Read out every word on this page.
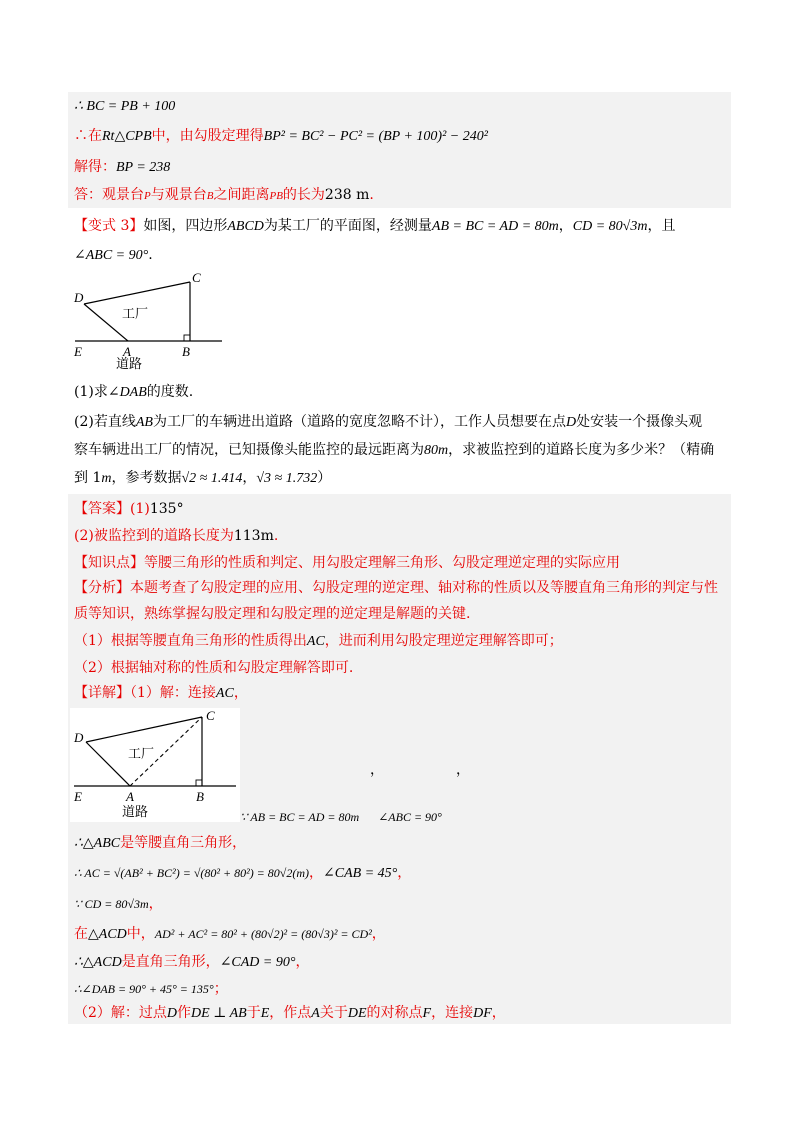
∴ BC = PB + 100
∴在Rt△CPB中，由勾股定理得BP² = BC² − PC² = (BP + 100)² − 240²
解得：BP = 238
答：观景台P与观景台B之间距离PB的长为238 m.
【变式 3】如图，四边形ABCD为某工厂的平面图，经测量AB = BC = AD = 80m，CD = 80√3m，且
∠ABC = 90°.
D
C
E	A	B
工厂
道路
(1)求∠DAB的度数.
(2)若直线AB为工厂的车辆进出道路（道路的宽度忽略不计），工作人员想要在点D处安装一个摄像头观
察车辆进出工厂的情况，已知摄像头能监控的最远距离为80m，求被监控到的道路长度为多少米？（精确
到 1m，参考数据√2 ≈ 1.414，√3 ≈ 1.732）
【答案】(1)135°
(2)被监控到的道路长度为113m.
【知识点】等腰三角形的性质和判定、用勾股定理解三角形、勾股定理逆定理的实际应用
【分析】本题考查了勾股定理的应用、勾股定理的逆定理、轴对称的性质以及等腰直角三角形的判定与性
质等知识，熟练掌握勾股定理和勾股定理的逆定理是解题的关键.
（1）根据等腰直角三角形的性质得出AC，进而利用勾股定理逆定理解答即可；
（2）根据轴对称的性质和勾股定理解答即可.
【详解】（1）解：连接AC，
D
C
E	A	B
工厂
道路
，	，
∵ AB = BC = AD = 80m ∠ABC = 90°
∴△ABC是等腰直角三角形，
∴ AC = √(AB² + BC²) = √(80² + 80²) = 80√2(m)，∠CAB = 45°，
∵ CD = 80√3m，
在△ACD中，AD² + AC² = 80² + (80√2)² = (80√3)² = CD²，
∴△ACD是直角三角形，∠CAD = 90°，
∴∠DAB = 90° + 45° = 135°；
（2）解：过点D作DE ⊥ AB于E，作点A关于DE的对称点F，连接DF，
